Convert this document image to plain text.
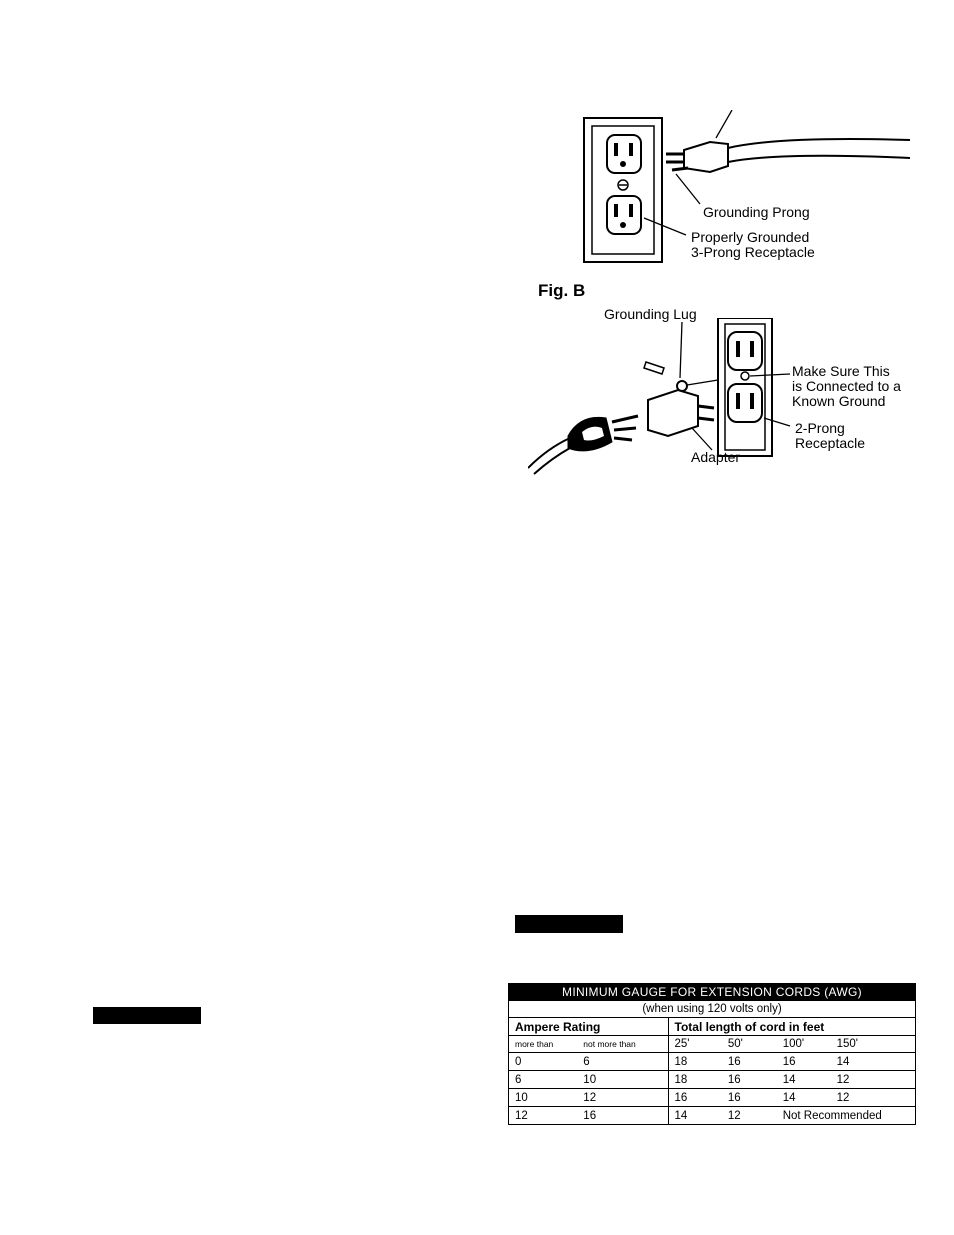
Grounding Prong
Properly Grounded
3-Prong Receptacle
Fig. B
Grounding Lug
Make Sure This
is Connected to a
Known Ground
2-Prong
Receptacle
Adapter
MINIMUM GAUGE FOR EXTENSION CORDS (AWG)					
(when using 120 volts only)					
Ampere Rating		Total length of cord in feet			
more than	not more than	25'	50'	100'	150'
0	6	18	16	16	14
6	10	18	16	14	12
10	12	16	16	14	12
12	16	14	12	Not Recommended	
